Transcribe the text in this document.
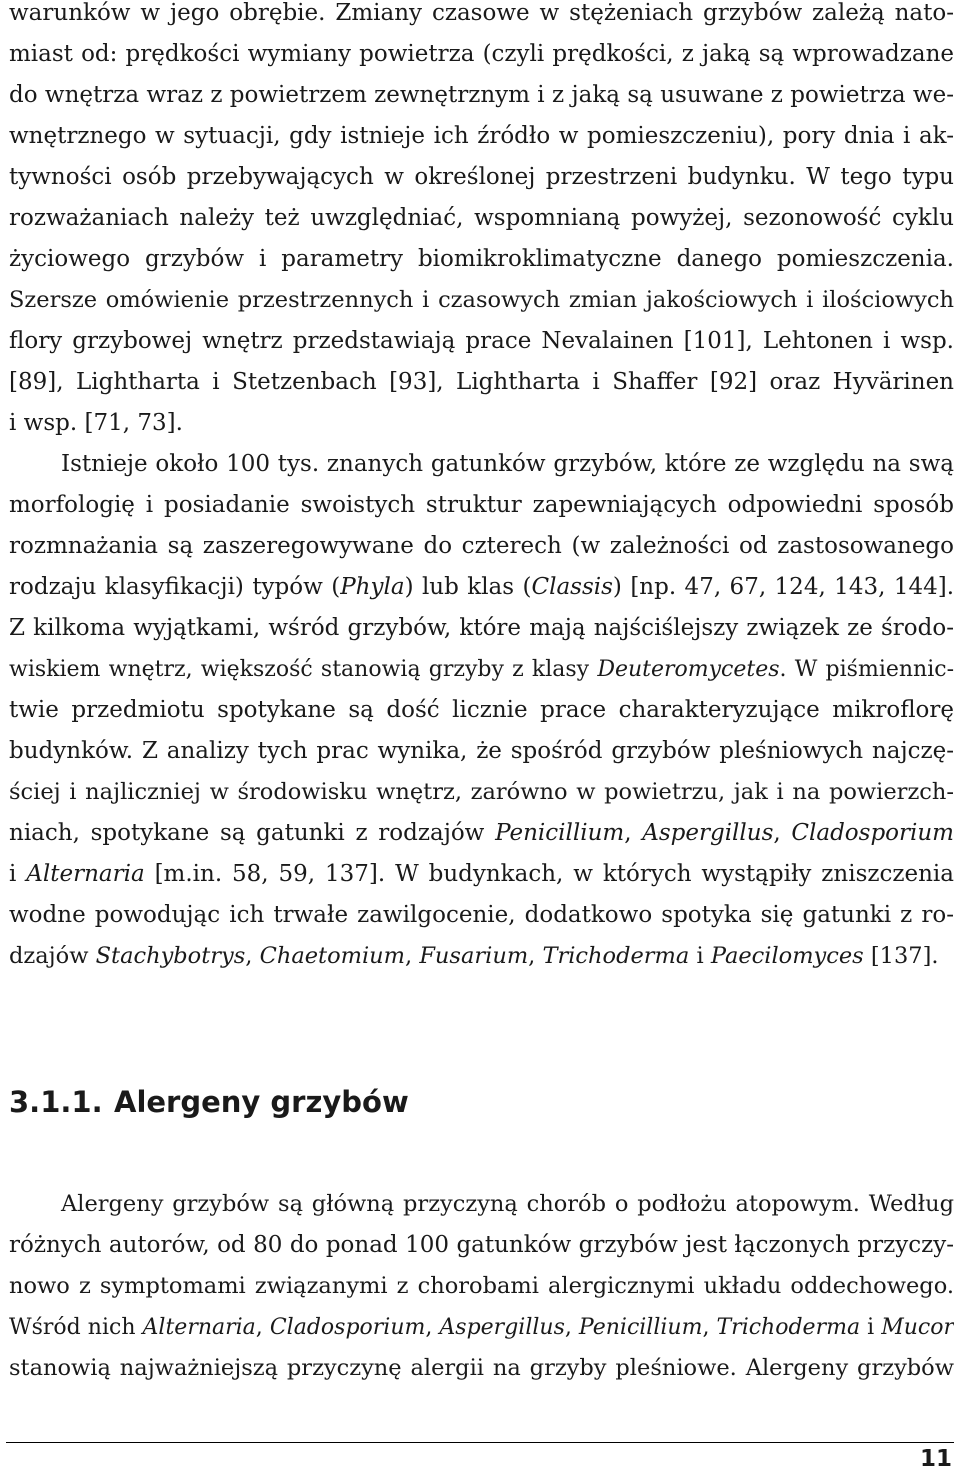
warunków w jego obrębie. Zmiany czasowe w stężeniach grzybów zależą nato-
miast od: prędkości wymiany powietrza (czyli prędkości, z jaką są wprowadzane
do wnętrza wraz z powietrzem zewnętrznym i z jaką są usuwane z powietrza we-
wnętrznego w sytuacji, gdy istnieje ich źródło w pomieszczeniu), pory dnia i ak-
tywności osób przebywających w określonej przestrzeni budynku. W tego typu
rozważaniach należy też uwzględniać, wspomnianą powyżej, sezonowość cyklu
życiowego grzybów i parametry biomikroklimatyczne danego pomieszczenia.
Szersze omówienie przestrzennych i czasowych zmian jakościowych i ilościowych
flory grzybowej wnętrz przedstawiają prace Nevalainen [101], Lehtonen i wsp.
[89], Lightharta i Stetzenbach [93], Lightharta i Shaffer [92] oraz Hyvärinen
i wsp. [71, 73].
Istnieje około 100 tys. znanych gatunków grzybów, które ze względu na swą
morfologię i posiadanie swoistych struktur zapewniających odpowiedni sposób
rozmnażania są zaszeregowywane do czterech (w zależności od zastosowanego
rodzaju klasyfikacji) typów (Phyla) lub klas (Classis) [np. 47, 67, 124, 143, 144].
Z kilkoma wyjątkami, wśród grzybów, które mają najściślejszy związek ze środo-
wiskiem wnętrz, większość stanowią grzyby z klasy Deuteromycetes. W piśmiennic-
twie przedmiotu spotykane są dość licznie prace charakteryzujące mikroflorę
budynków. Z analizy tych prac wynika, że spośród grzybów pleśniowych najczę-
ściej i najliczniej w środowisku wnętrz, zarówno w powietrzu, jak i na powierzch-
niach, spotykane są gatunki z rodzajów Penicillium, Aspergillus, Cladosporium
i Alternaria [m.in. 58, 59, 137]. W budynkach, w których wystąpiły zniszczenia
wodne powodując ich trwałe zawilgocenie, dodatkowo spotyka się gatunki z ro-
dzajów Stachybotrys, Chaetomium, Fusarium, Trichoderma i Paecilomyces [137].
3.1.1. Alergeny grzybów
Alergeny grzybów są główną przyczyną chorób o podłożu atopowym. Według
różnych autorów, od 80 do ponad 100 gatunków grzybów jest łączonych przyczy-
nowo z symptomami związanymi z chorobami alergicznymi układu oddechowego.
Wśród nich Alternaria, Cladosporium, Aspergillus, Penicillium, Trichoderma i Mucor
stanowią najważniejszą przyczynę alergii na grzyby pleśniowe. Alergeny grzybów
11
